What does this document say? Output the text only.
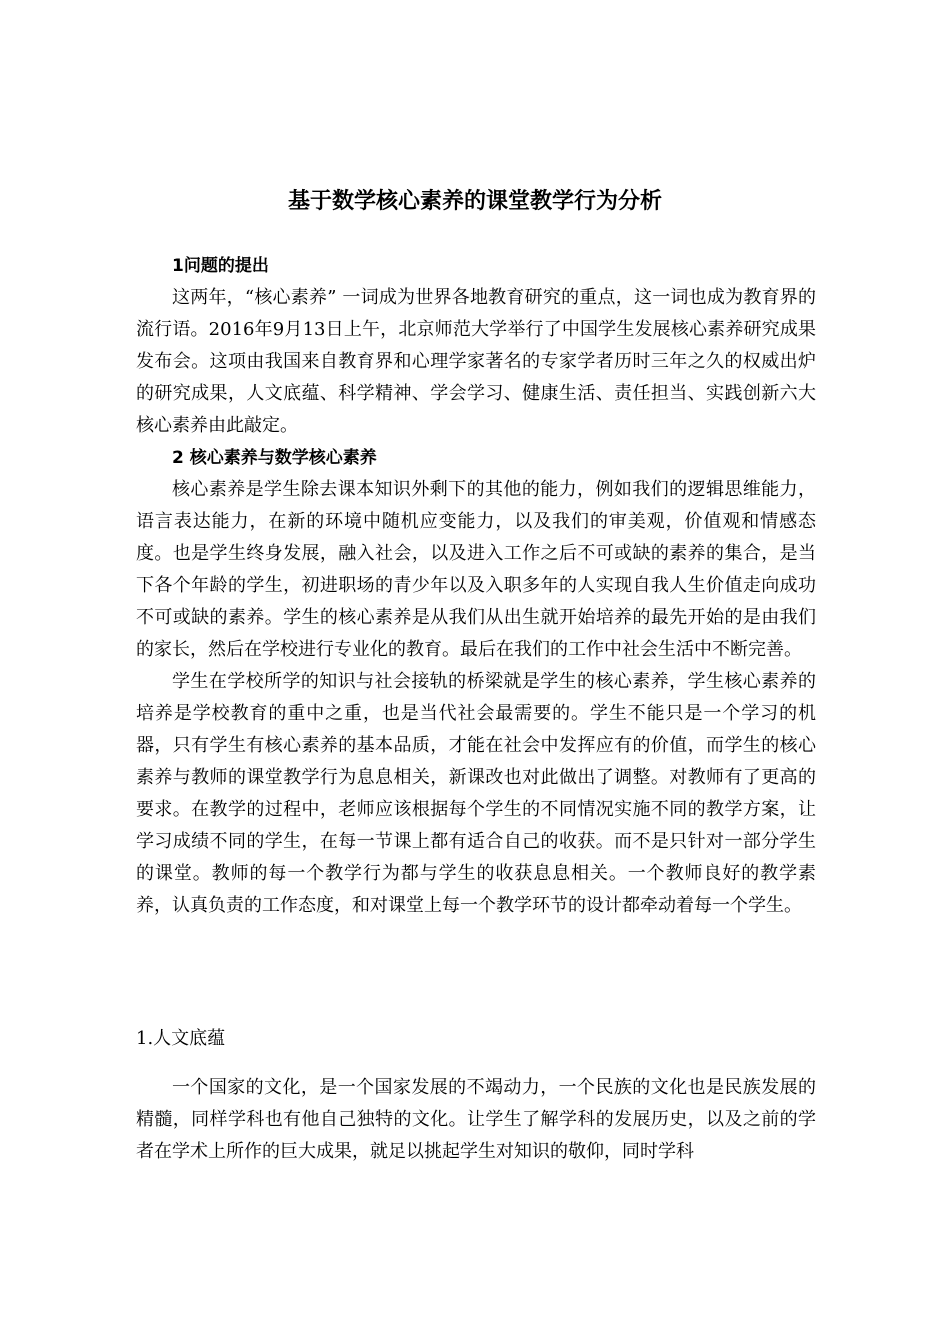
基于数学核心素养的课堂教学行为分析

1问题的提出

这两年，“核心素养” 一词成为世界各地教育研究的重点，这一词也成为教育界的流行语。2016年9月13日上午，北京师范大学举行了中国学生发展核心素养研究成果发布会。这项由我国来自教育界和心理学家著名的专家学者历时三年之久的权威出炉的研究成果，人文底蕴、科学精神、学会学习、健康生活、责任担当、实践创新六大核心素养由此敲定。

2 核心素养与数学核心素养

核心素养是学生除去课本知识外剩下的其他的能力，例如我们的逻辑思维能力，语言表达能力，在新的环境中随机应变能力，以及我们的审美观，价值观和情感态度。也是学生终身发展，融入社会，以及进入工作之后不可或缺的素养的集合，是当下各个年龄的学生，初进职场的青少年以及入职多年的人实现自我人生价值走向成功不可或缺的素养。学生的核心素养是从我们从出生就开始培养的最先开始的是由我们的家长，然后在学校进行专业化的教育。最后在我们的工作中社会生活中不断完善。

学生在学校所学的知识与社会接轨的桥梁就是学生的核心素养，学生核心素养的培养是学校教育的重中之重，也是当代社会最需要的。学生不能只是一个学习的机器，只有学生有核心素养的基本品质，才能在社会中发挥应有的价值，而学生的核心素养与教师的课堂教学行为息息相关，新课改也对此做出了调整。对教师有了更高的要求。在教学的过程中，老师应该根据每个学生的不同情况实施不同的教学方案，让学习成绩不同的学生，在每一节课上都有适合自己的收获。而不是只针对一部分学生的课堂。教师的每一个教学行为都与学生的收获息息相关。一个教师良好的教学素养，认真负责的工作态度，和对课堂上每一个教学环节的设计都牵动着每一个学生。

1.人文底蕴

一个国家的文化，是一个国家发展的不竭动力，一个民族的文化也是民族发展的精髓，同样学科也有他自己独特的文化。让学生了解学科的发展历史，以及之前的学者在学术上所作的巨大成果，就足以挑起学生对知识的敬仰，同时学科
